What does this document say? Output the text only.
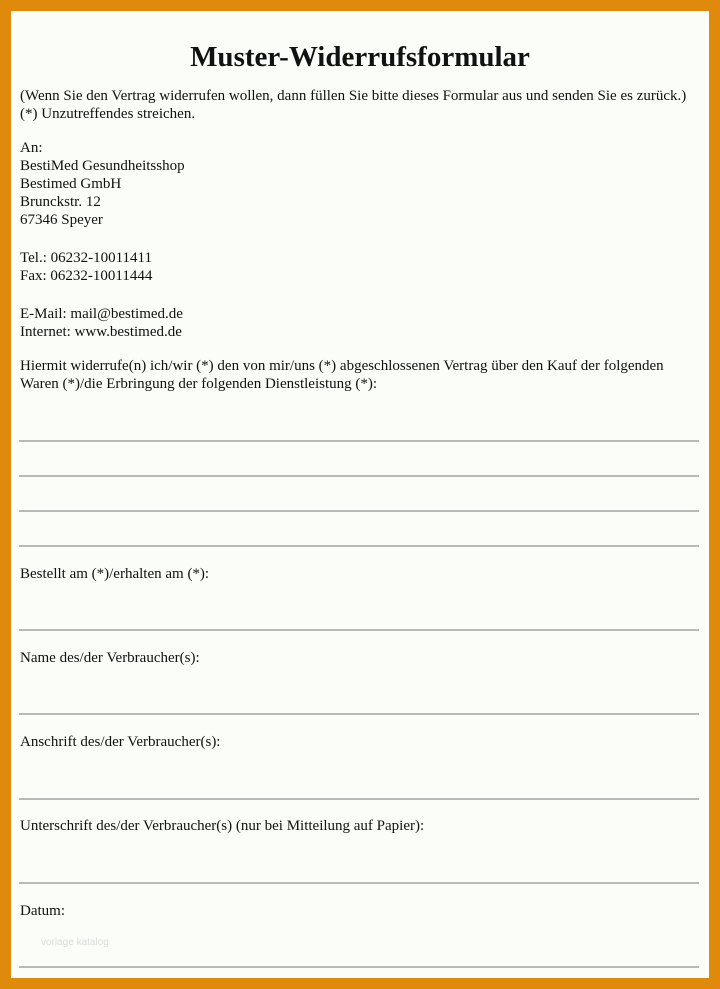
Muster-Widerrufsformular

(Wenn Sie den Vertrag widerrufen wollen, dann füllen Sie bitte dieses Formular aus und senden Sie es zurück.) (*) Unzutreffendes streichen.

An:
BestiMed Gesundheitsshop
Bestimed GmbH
Brunckstr. 12
67346 Speyer
Tel.: 06232-10011411
Fax: 06232-10011444
E-Mail: mail@bestimed.de
Internet: www.bestimed.de

Hiermit widerrufe(n) ich/wir (*) den von mir/uns (*) abgeschlossenen Vertrag über den Kauf der folgenden Waren (*)/die Erbringung der folgenden Dienstleistung (*):

Bestellt am (*)/erhalten am (*):

Name des/der Verbraucher(s):

Anschrift des/der Verbraucher(s):

Unterschrift des/der Verbraucher(s) (nur bei Mitteilung auf Papier):

Datum:

vorlage katalog
